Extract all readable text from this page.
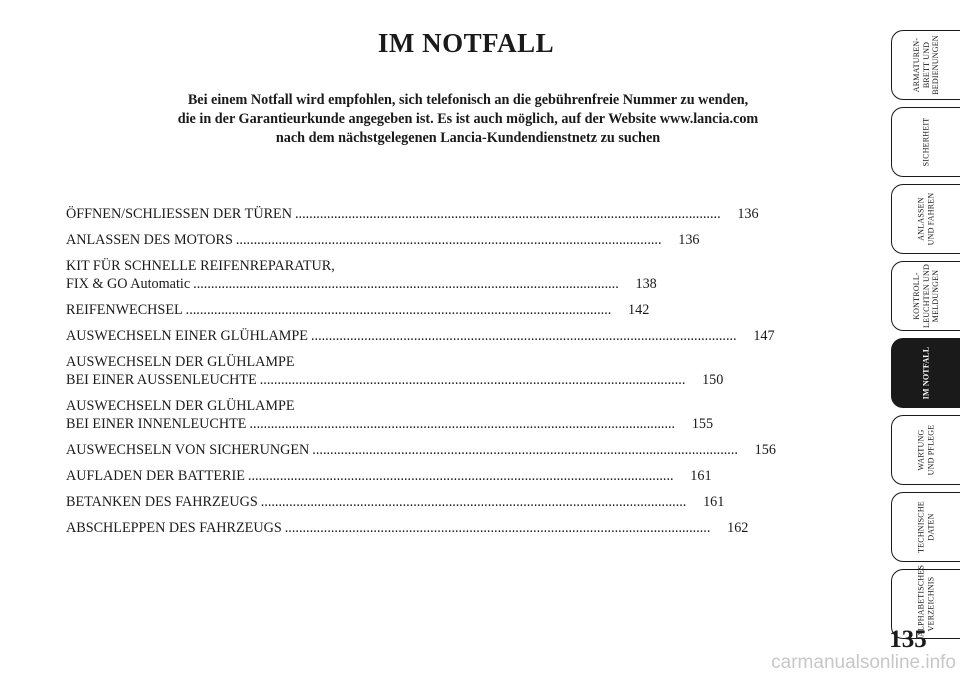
IM NOTFALL
Bei einem Notfall wird empfohlen, sich telefonisch an die gebührenfreie Nummer zu wenden,
die in der Garantieurkunde angegeben ist. Es ist auch möglich, auf der Website www.lancia.com
nach dem nächstgelegenen Lancia-Kundendienstnetz zu suchen
ÖFFNEN/SCHLIESSEN DER TÜREN ........................................................................................................................	136
ANLASSEN DES MOTORS ........................................................................................................................	136
KIT FÜR SCHNELLE REIFENREPARATUR,
FIX & GO Automatic ........................................................................................................................	138
REIFENWECHSEL ........................................................................................................................	142
AUSWECHSELN EINER GLÜHLAMPE ........................................................................................................................	147
AUSWECHSELN DER GLÜHLAMPE
BEI EINER AUSSENLEUCHTE ........................................................................................................................	150
AUSWECHSELN DER GLÜHLAMPE
BEI EINER INNENLEUCHTE ........................................................................................................................	155
AUSWECHSELN VON SICHERUNGEN ........................................................................................................................	156
AUFLADEN DER BATTERIE ........................................................................................................................	161
BETANKEN DES FAHRZEUGS ........................................................................................................................	161
ABSCHLEPPEN DES FAHRZEUGS ........................................................................................................................	162
ARMATUREN-
BRETT UND
BEDIENUNGEN
SICHERHEIT
ANLASSEN
UND FAHREN
KONTROLL-
LEUCHTEN UND
MELDUNGEN
IM NOTFALL
WARTUNG
UND PFLEGE
TECHNISCHE
DATEN
ALPHABETISCHES
VERZEICHNIS
135
carmanualsonline.info
